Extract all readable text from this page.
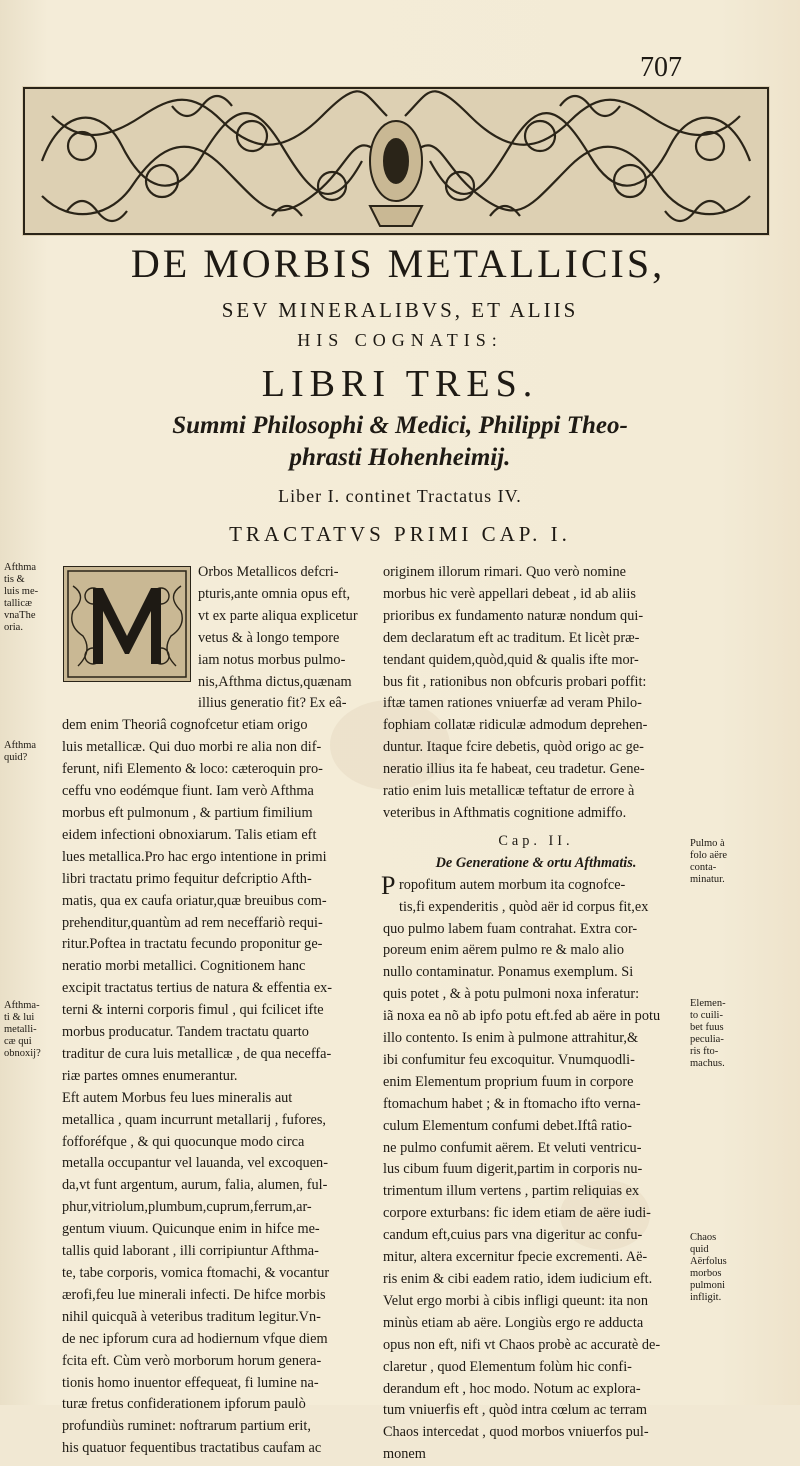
707
DE MORBIS METALLICIS,
SEV MINERALIBVS, ET ALIIS
HIS COGNATIS:
LIBRI TRES.
Summi Philosophi & Medici, Philippi Theo-
phrasti Hohenheimij.
Liber I. continet Tractatus IV.
TRACTATVS PRIMI CAP. I.
Afthma
tis &
luis me-
tallicæ
vnaThe
oria.
Afthma
quid?
Afthma-
ti & lui
metalli-
cæ qui
obnoxij?
Pulmo à
folo aëre
conta-
minatur.
Elemen-
to cuili-
bet fuus
peculia-
ris fto-
machus.
Chaos
quid
Aërfolus
morbos
pulmoni
infligit.
Orbos Metallicos defcri-
pturis,ante omnia opus eft,
vt ex parte aliqua explicetur
vetus & à longo tempore
iam notus morbus pulmo-
nis,Afthma dictus,quænam
illius generatio fit? Ex eâ-
dem enim Theoriâ cognofcetur etiam origo
luis metallicæ. Qui duo morbi re alia non dif-
ferunt, nifi Elemento & loco: cæteroquin pro-
ceffu vno eodémque fiunt. Iam verò Afthma
morbus eft pulmonum , & partium fimilium
eidem infectioni obnoxiarum. Talis etiam eft
lues metallica.Pro hac ergo intentione in primi
libri tractatu primo fequitur defcriptio Afth-
matis, qua ex caufa oriatur,quæ breuibus com-
prehenditur,quantùm ad rem neceffariò requi-
ritur.Poftea in tractatu fecundo proponitur ge-
neratio morbi metallici. Cognitionem hanc
excipit tractatus tertius de natura & effentia ex-
terni & interni corporis fimul , qui fcilicet ifte
morbus producatur. Tandem tractatu quarto
traditur de cura luis metallicæ , de qua neceffa-
riæ partes omnes enumerantur.
Eft autem Morbus feu lues mineralis aut
metallica , quam incurrunt metallarij , fufores,
fofforéfque , & qui quocunque modo circa
metalla occupantur vel lauanda, vel excoquen-
da,vt funt argentum, aurum, falia, alumen, ful-
phur,vitriolum,plumbum,cuprum,ferrum,ar-
gentum viuum. Quicunque enim in hifce me-
tallis quid laborant , illi corripiuntur Afthma-
te, tabe corporis, vomica ftomachi, & vocantur
ærofi,feu lue minerali infecti. De hifce morbis
nihil quicquã à veteribus traditum legitur.Vn-
de nec ipforum cura ad hodiernum vfque diem
fcita eft. Cùm verò morborum horum genera-
tionis homo inuentor effequeat, fi lumine na-
turæ fretus confiderationem ipforum paulò
profundiùs ruminet: noftrarum partium erit,
his quatuor fequentibus tractatibus caufam ac
originem illorum rimari. Quo verò nomine
morbus hic verè appellari debeat , id ab aliis
prioribus ex fundamento naturæ nondum qui-
dem declaratum eft ac traditum. Et licèt præ-
tendant quidem,quòd,quid & qualis ifte mor-
bus fit , rationibus non obfcuris probari poffit:
iftæ tamen rationes vniuerfæ ad veram Philo-
fophiam collatæ ridiculæ admodum deprehen-
duntur. Itaque fcire debetis, quòd origo ac ge-
neratio illius ita fe habeat, ceu tradetur. Gene-
ratio enim luis metallicæ teftatur de errore à
veteribus in Afthmatis cognitione admiffo.
Cap. II.
De Generatione & ortu Afthmatis.
P ropofitum autem morbum ita cognofce-
tis,fi expenderitis , quòd aër id corpus fit,ex
quo pulmo labem fuam contrahat. Extra cor-
poreum enim aërem pulmo re & malo alio
nullo contaminatur. Ponamus exemplum. Si
quis potet , & à potu pulmoni noxa inferatur:
iã noxa ea nõ ab ipfo potu eft.fed ab aëre in potu
illo contento. Is enim à pulmone attrahitur,&
ibi confumitur feu excoquitur. Vnumquodli-
enim Elementum proprium fuum in corpore
ftomachum habet ; & in ftomacho ifto verna-
culum Elementum confumi debet.Iftâ ratio-
ne pulmo confumit aërem. Et veluti ventricu-
lus cibum fuum digerit,partim in corporis nu-
trimentum illum vertens , partim reliquias ex
corpore exturbans: fic idem etiam de aëre iudi-
candum eft,cuius pars vna digeritur ac confu-
mitur, altera excernitur fpecie excrementi. Aë-
ris enim & cibi eadem ratio, idem iudicium eft.
Velut ergo morbi à cibis infligi queunt: ita non
minùs etiam ab aëre. Longiùs ergo re adducta
opus non eft, nifi vt Chaos probè ac accuratè de-
claretur , quod Elementum folùm hic confi-
derandum eft , hoc modo. Notum ac explora-
tum vniuerfis eft , quòd intra cœlum ac terram
Chaos intercedat , quod morbos vniuerfos pul-
monem
